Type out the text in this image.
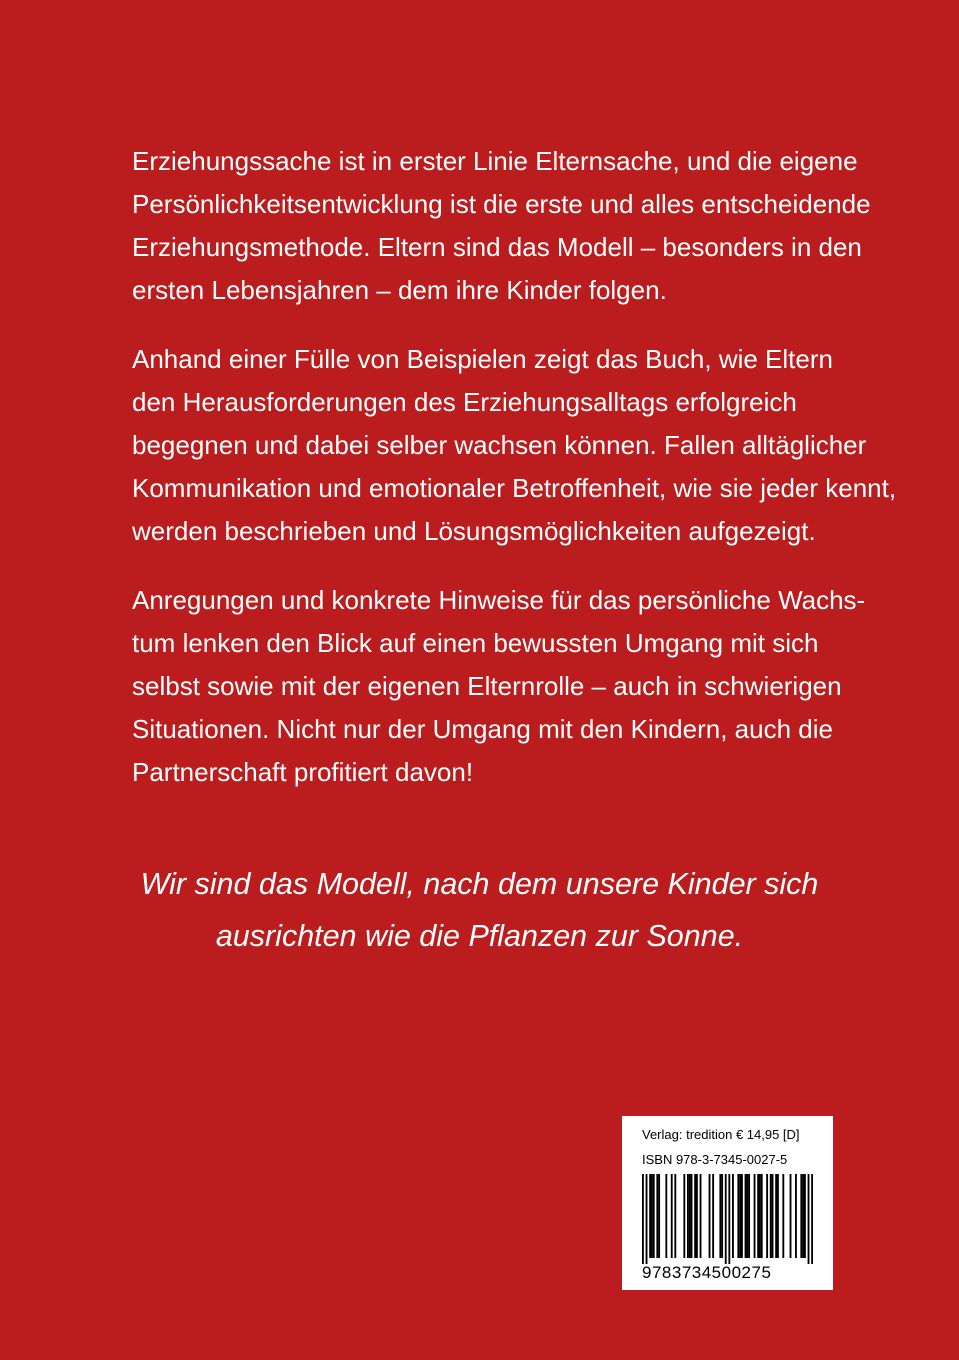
Erziehungssache ist in erster Linie Elternsache, und die eigene
Persönlichkeitsentwicklung ist die erste und alles entscheidende
Erziehungsmethode. Eltern sind das Modell – besonders in den
ersten Lebensjahren – dem ihre Kinder folgen.
Anhand einer Fülle von Beispielen zeigt das Buch, wie Eltern
den Herausforderungen des Erziehungsalltags erfolgreich
begegnen und dabei selber wachsen können. Fallen alltäglicher
Kommunikation und emotionaler Betroffenheit, wie sie jeder kennt,
werden beschrieben und Lösungsmöglichkeiten aufgezeigt.
Anregungen und konkrete Hinweise für das persönliche Wachs-
tum lenken den Blick auf einen bewussten Umgang mit sich
selbst sowie mit der eigenen Elternrolle – auch in schwierigen
Situationen. Nicht nur der Umgang mit den Kindern, auch die
Partnerschaft profitiert davon!
Wir sind das Modell, nach dem unsere Kinder sich
ausrichten wie die Pflanzen zur Sonne.
Verlag: tredition € 14,95 [D]
ISBN 978-3-7345-0027-5
9783734500275
